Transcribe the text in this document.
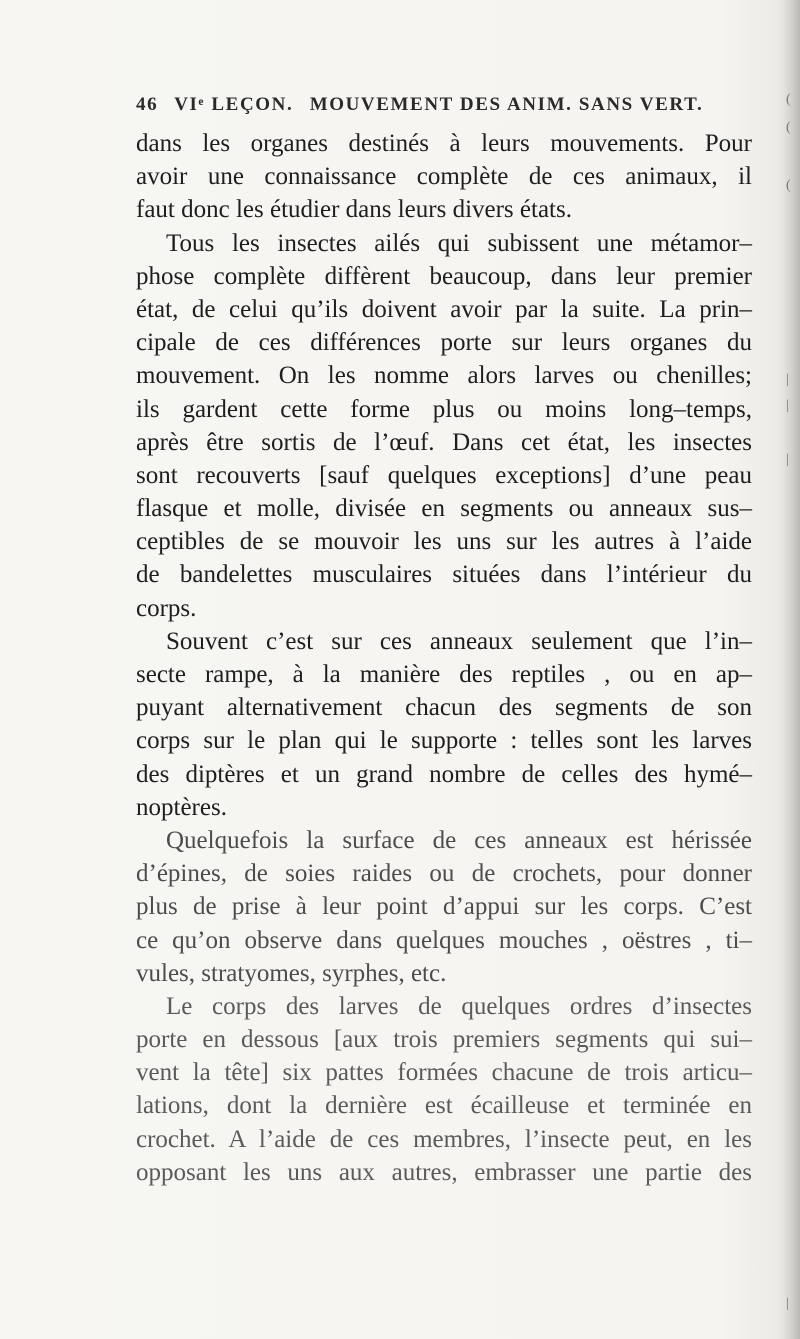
(
(
(
|
|
|
|
46 VIᵉ LEÇON. MOUVEMENT DES ANIM. SANS VERT.
dans les organes destinés à leurs mouvements. Pour
avoir une connaissance complète de ces animaux, il
faut donc les étudier dans leurs divers états.
Tous les insectes ailés qui subissent une métamor–
phose complète diffèrent beaucoup, dans leur premier
état, de celui qu’ils doivent avoir par la suite. La prin–
cipale de ces différences porte sur leurs organes du
mouvement. On les nomme alors larves ou chenilles;
ils gardent cette forme plus ou moins long–temps,
après être sortis de l’œuf. Dans cet état, les insectes
sont recouverts [sauf quelques exceptions] d’une peau
flasque et molle, divisée en segments ou anneaux sus–
ceptibles de se mouvoir les uns sur les autres à l’aide
de bandelettes musculaires situées dans l’intérieur du
corps.
Souvent c’est sur ces anneaux seulement que l’in–
secte rampe, à la manière des reptiles , ou en ap–
puyant alternativement chacun des segments de son
corps sur le plan qui le supporte : telles sont les larves
des diptères et un grand nombre de celles des hymé–
noptères.
Quelquefois la surface de ces anneaux est hérissée
d’épines, de soies raides ou de crochets, pour donner
plus de prise à leur point d’appui sur les corps. C’est
ce qu’on observe dans quelques mouches , oëstres , ti–
vules, stratyomes, syrphes, etc.
Le corps des larves de quelques ordres d’insectes
porte en dessous [aux trois premiers segments qui sui–
vent la tête] six pattes formées chacune de trois articu–
lations, dont la dernière est écailleuse et terminée en
crochet. A l’aide de ces membres, l’insecte peut, en les
opposant les uns aux autres, embrasser une partie des
